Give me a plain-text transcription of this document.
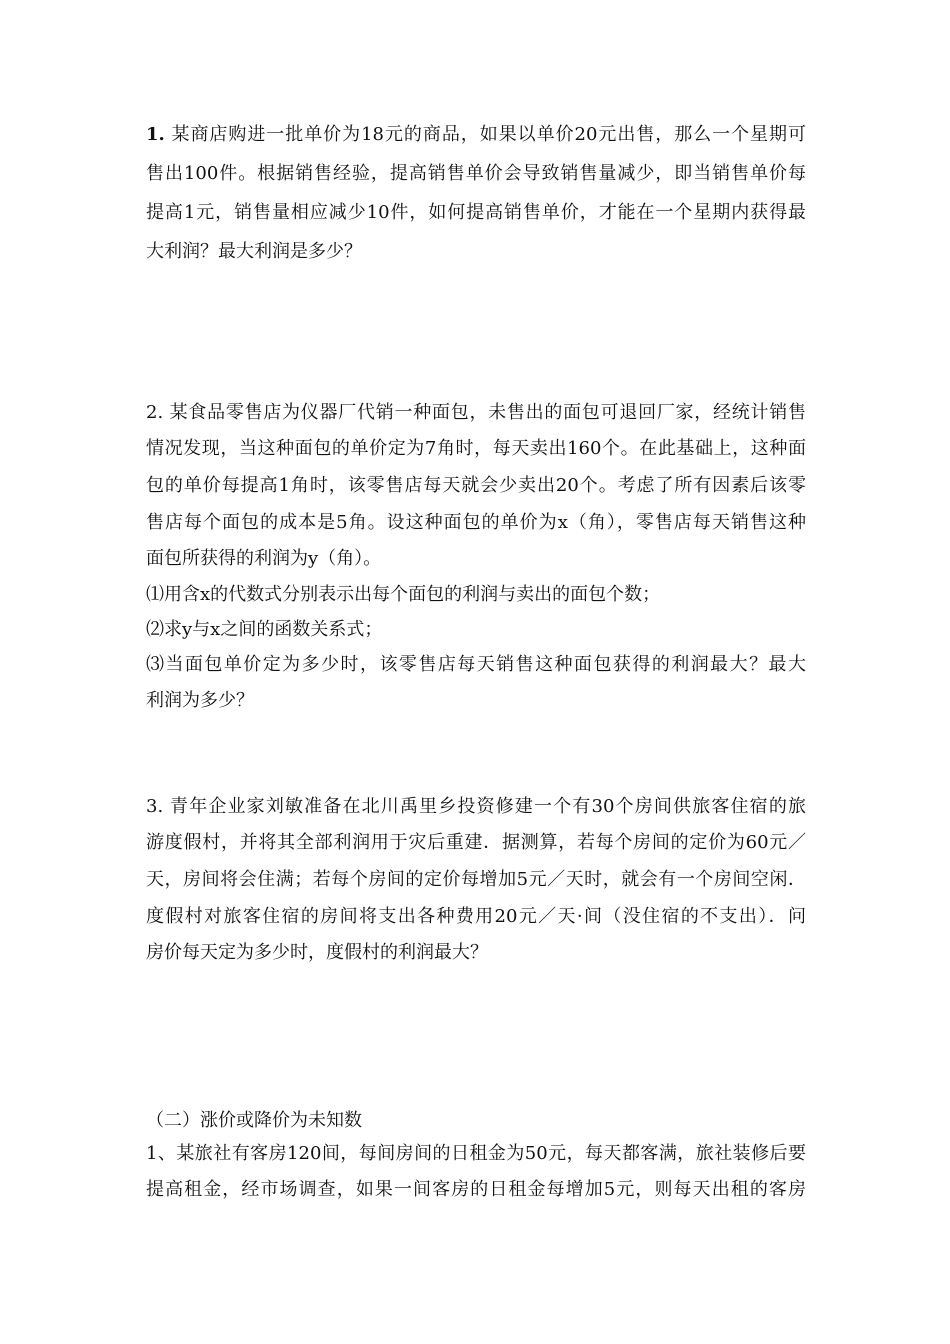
1. 某商店购进一批单价为18元的商品，如果以单价20元出售，那么一个星期可
售出100件。根据销售经验，提高销售单价会导致销售量减少，即当销售单价每
提高1元，销售量相应减少10件，如何提高销售单价，才能在一个星期内获得最
大利润？最大利润是多少？
2. 某食品零售店为仪器厂代销一种面包，未售出的面包可退回厂家，经统计销售
情况发现，当这种面包的单价定为7角时，每天卖出160个。在此基础上，这种面
包的单价每提高1角时，该零售店每天就会少卖出20个。考虑了所有因素后该零
售店每个面包的成本是5角。设这种面包的单价为x（角），零售店每天销售这种
面包所获得的利润为y（角）。
⑴用含x的代数式分别表示出每个面包的利润与卖出的面包个数；
⑵求y与x之间的函数关系式；
⑶当面包单价定为多少时，该零售店每天销售这种面包获得的利润最大？最大
利润为多少？
3. 青年企业家刘敏准备在北川禹里乡投资修建一个有30个房间供旅客住宿的旅
游度假村，并将其全部利润用于灾后重建．据测算，若每个房间的定价为60元／
天，房间将会住满；若每个房间的定价每增加5元／天时，就会有一个房间空闲．
度假村对旅客住宿的房间将支出各种费用20元／天·间（没住宿的不支出）．问
房价每天定为多少时，度假村的利润最大？
（二）涨价或降价为未知数
1、某旅社有客房120间，每间房间的日租金为50元，每天都客满，旅社装修后要
提高租金，经市场调查，如果一间客房的日租金每增加5元，则每天出租的客房
